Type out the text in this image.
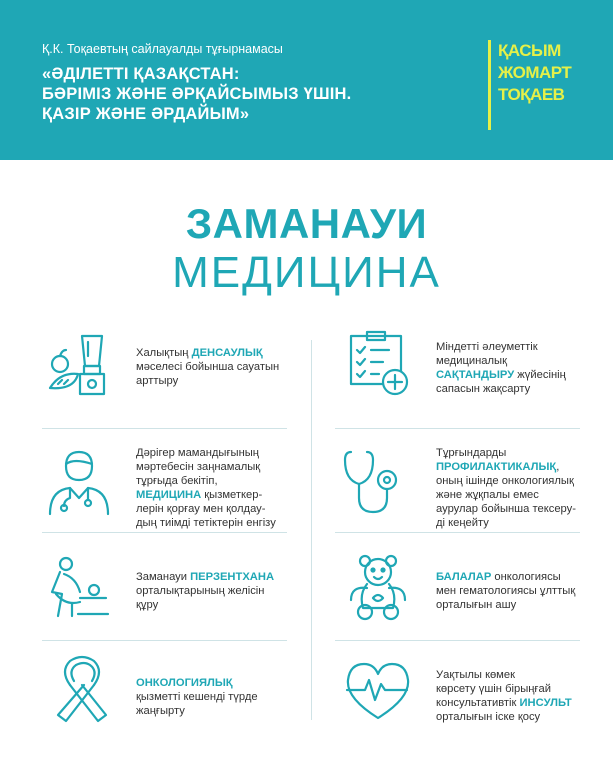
Қ.К. Тоқаевтың сайлауалды тұғырнамасы
«ӘДІЛЕТТІ ҚАЗАҚСТАН:
БӘРІМІЗ ЖӘНЕ ӘРҚАЙСЫМЫЗ ҮШІН.
ҚАЗІР ЖӘНЕ ӘРДАЙЫМ»
ҚАСЫМ
ЖОМАРТ
ТОҚАЕВ
ЗАМАНАУИ
МЕДИЦИНА
Халықтың ДЕНСАУЛЫҚ
мәселесі бойынша сауатын
арттыру
Міндетті әлеуметтік
медициналық
САҚТАНДЫРУ жүйесінің
сапасын жақсарту
Дәрігер мамандығының
мәртебесін заңнамалық
тұрғыда бекітіп,
МЕДИЦИНА қызметкер-
лерін қорғау мен қолдау-
дың тиімді тетіктерін енгізу
Тұрғындарды
ПРОФИЛАКТИКАЛЫҚ,
оның ішінде онкологиялық
және жұқпалы емес
аурулар бойынша тексеру-
ді кеңейту
Заманауи ПЕРЗЕНТХАНА
орталықтарының желісін
құру
БАЛАЛАР онкологиясы
мен гематологиясы ұлттық
орталығын ашу
ОНКОЛОГИЯЛЫҚ
қызметті кешенді түрде
жаңғырту
Уақтылы көмек
көрсету үшін бірыңғай
консультативтік ИНСУЛЬТ
орталығын іске қосу
